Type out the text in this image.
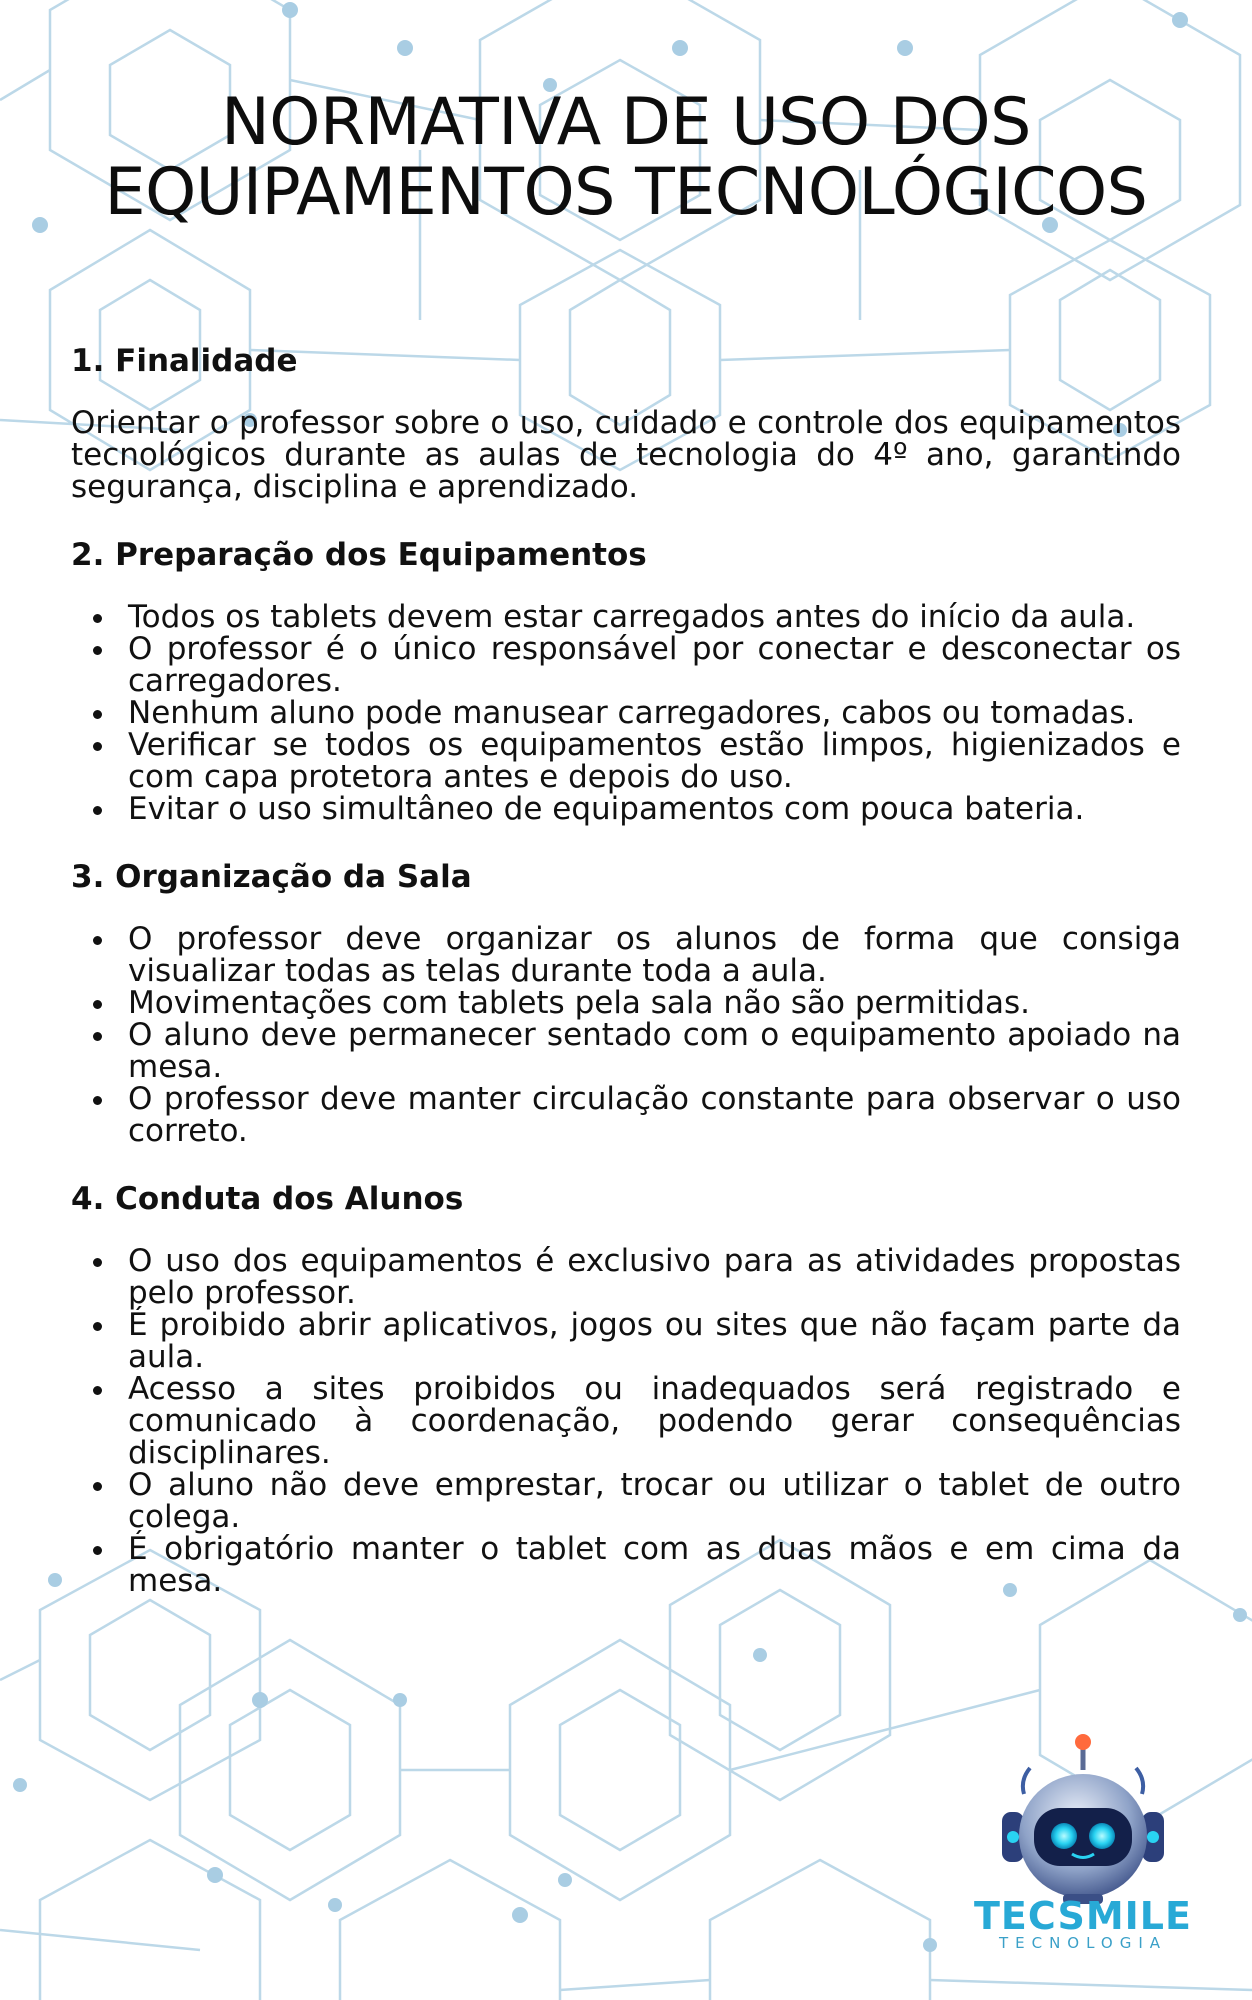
NORMATIVA DE USO DOS
EQUIPAMENTOS TECNOLÓGICOS
1. Finalidade

Orientar o professor sobre o uso, cuidado e controle dos equipamentos tecnológicos durante as aulas de tecnologia do 4º ano, garantindo segurança, disciplina e aprendizado.

2. Preparação dos Equipamentos
Todos os tablets devem estar carregados antes do início da aula.
O professor é o único responsável por conectar e desconectar os carregadores.
Nenhum aluno pode manusear carregadores, cabos ou tomadas.
Verificar se todos os equipamentos estão limpos, higienizados e com capa protetora antes e depois do uso.
Evitar o uso simultâneo de equipamentos com pouca bateria.
3. Organização da Sala
O professor deve organizar os alunos de forma que consiga visualizar todas as telas durante toda a aula.
Movimentações com tablets pela sala não são permitidas.
O aluno deve permanecer sentado com o equipamento apoiado na mesa.
O professor deve manter circulação constante para observar o uso correto.
4. Conduta dos Alunos
O uso dos equipamentos é exclusivo para as atividades propostas pelo professor.
É proibido abrir aplicativos, jogos ou sites que não façam parte da aula.
Acesso a sites proibidos ou inadequados será registrado e comunicado à coordenação, podendo gerar consequências disciplinares.
O aluno não deve emprestar, trocar ou utilizar o tablet de outro colega.
É obrigatório manter o tablet com as duas mãos e em cima da mesa.
TECSMILE
TECNOLOGIA
